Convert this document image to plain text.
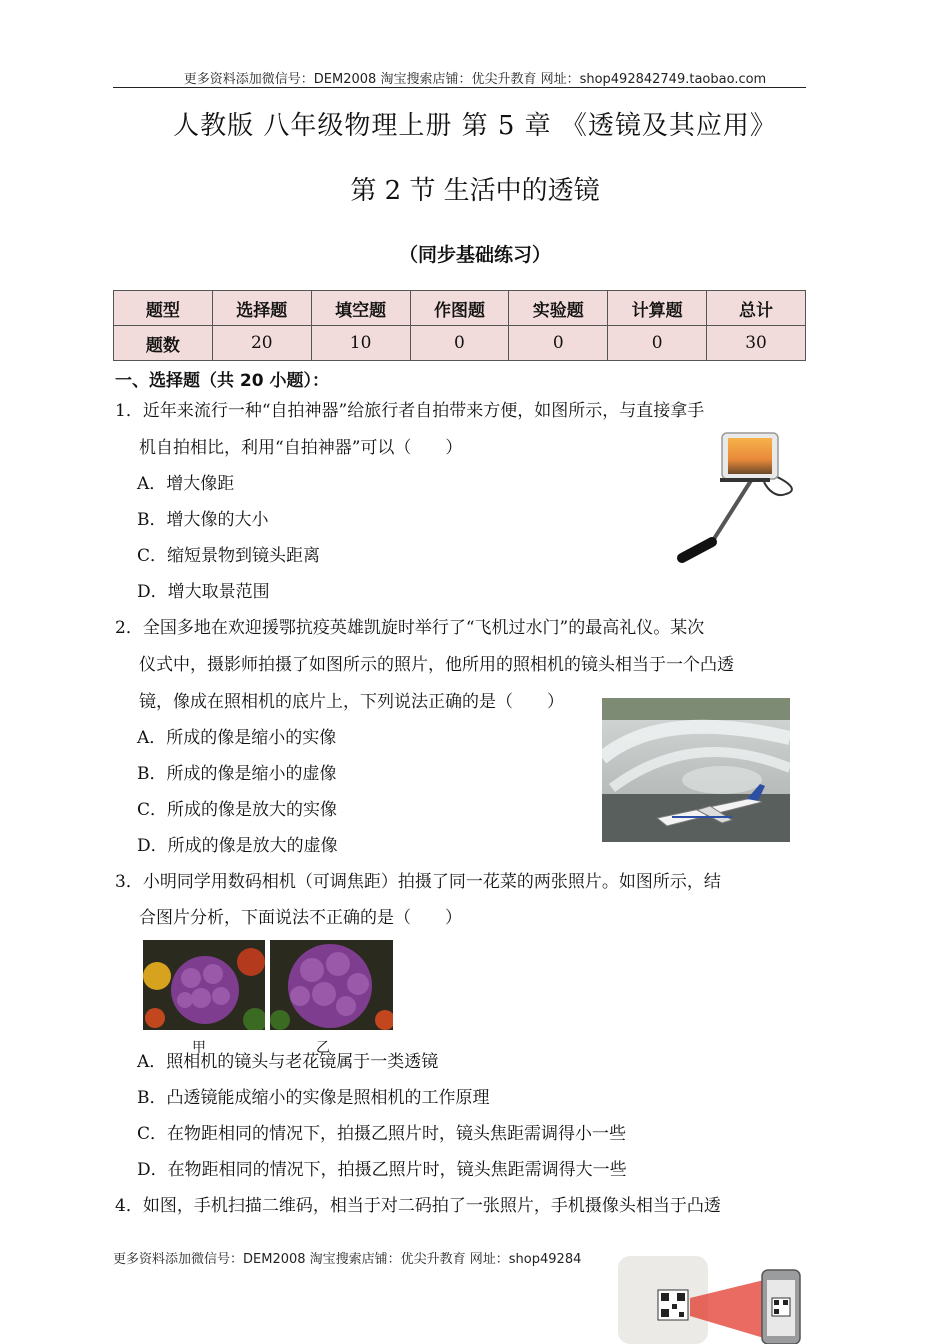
更多资料添加微信号：DEM2008 淘宝搜索店铺：优尖升教育 网址：shop492842749.taobao.com
人教版 八年级物理上册 第 5 章 《透镜及其应用》
第 2 节 生活中的透镜
（同步基础练习）
题型	选择题	填空题	作图题	实验题	计算题	总计
题数	20	10	0	0	0	30
一、选择题（共 20 小题）：
1．近年来流行一种“自拍神器”给旅行者自拍带来方便，如图所示，与直接拿手
机自拍相比，利用“自拍神器”可以（　　）
A．增大像距
B．增大像的大小
C．缩短景物到镜头距离
D．增大取景范围
2．全国多地在欢迎援鄂抗疫英雄凯旋时举行了“飞机过水门”的最高礼仪。某次
仪式中，摄影师拍摄了如图所示的照片，他所用的照相机的镜头相当于一个凸透
镜，像成在照相机的底片上，下列说法正确的是（　　）
A．所成的像是缩小的实像
B．所成的像是缩小的虚像
C．所成的像是放大的实像
D．所成的像是放大的虚像
3．小明同学用数码相机（可调焦距）拍摄了同一花菜的两张照片。如图所示，结
合图片分析，下面说法不正确的是（　　）
甲	乙
A．照相机的镜头与老花镜属于一类透镜
B．凸透镜能成缩小的实像是照相机的工作原理
C．在物距相同的情况下，拍摄乙照片时，镜头焦距需调得小一些
D．在物距相同的情况下，拍摄乙照片时，镜头焦距需调得大一些
4．如图，手机扫描二维码，相当于对二码拍了一张照片，手机摄像头相当于凸透
更多资料添加微信号：DEM2008 淘宝搜索店铺：优尖升教育 网址：shop49284
